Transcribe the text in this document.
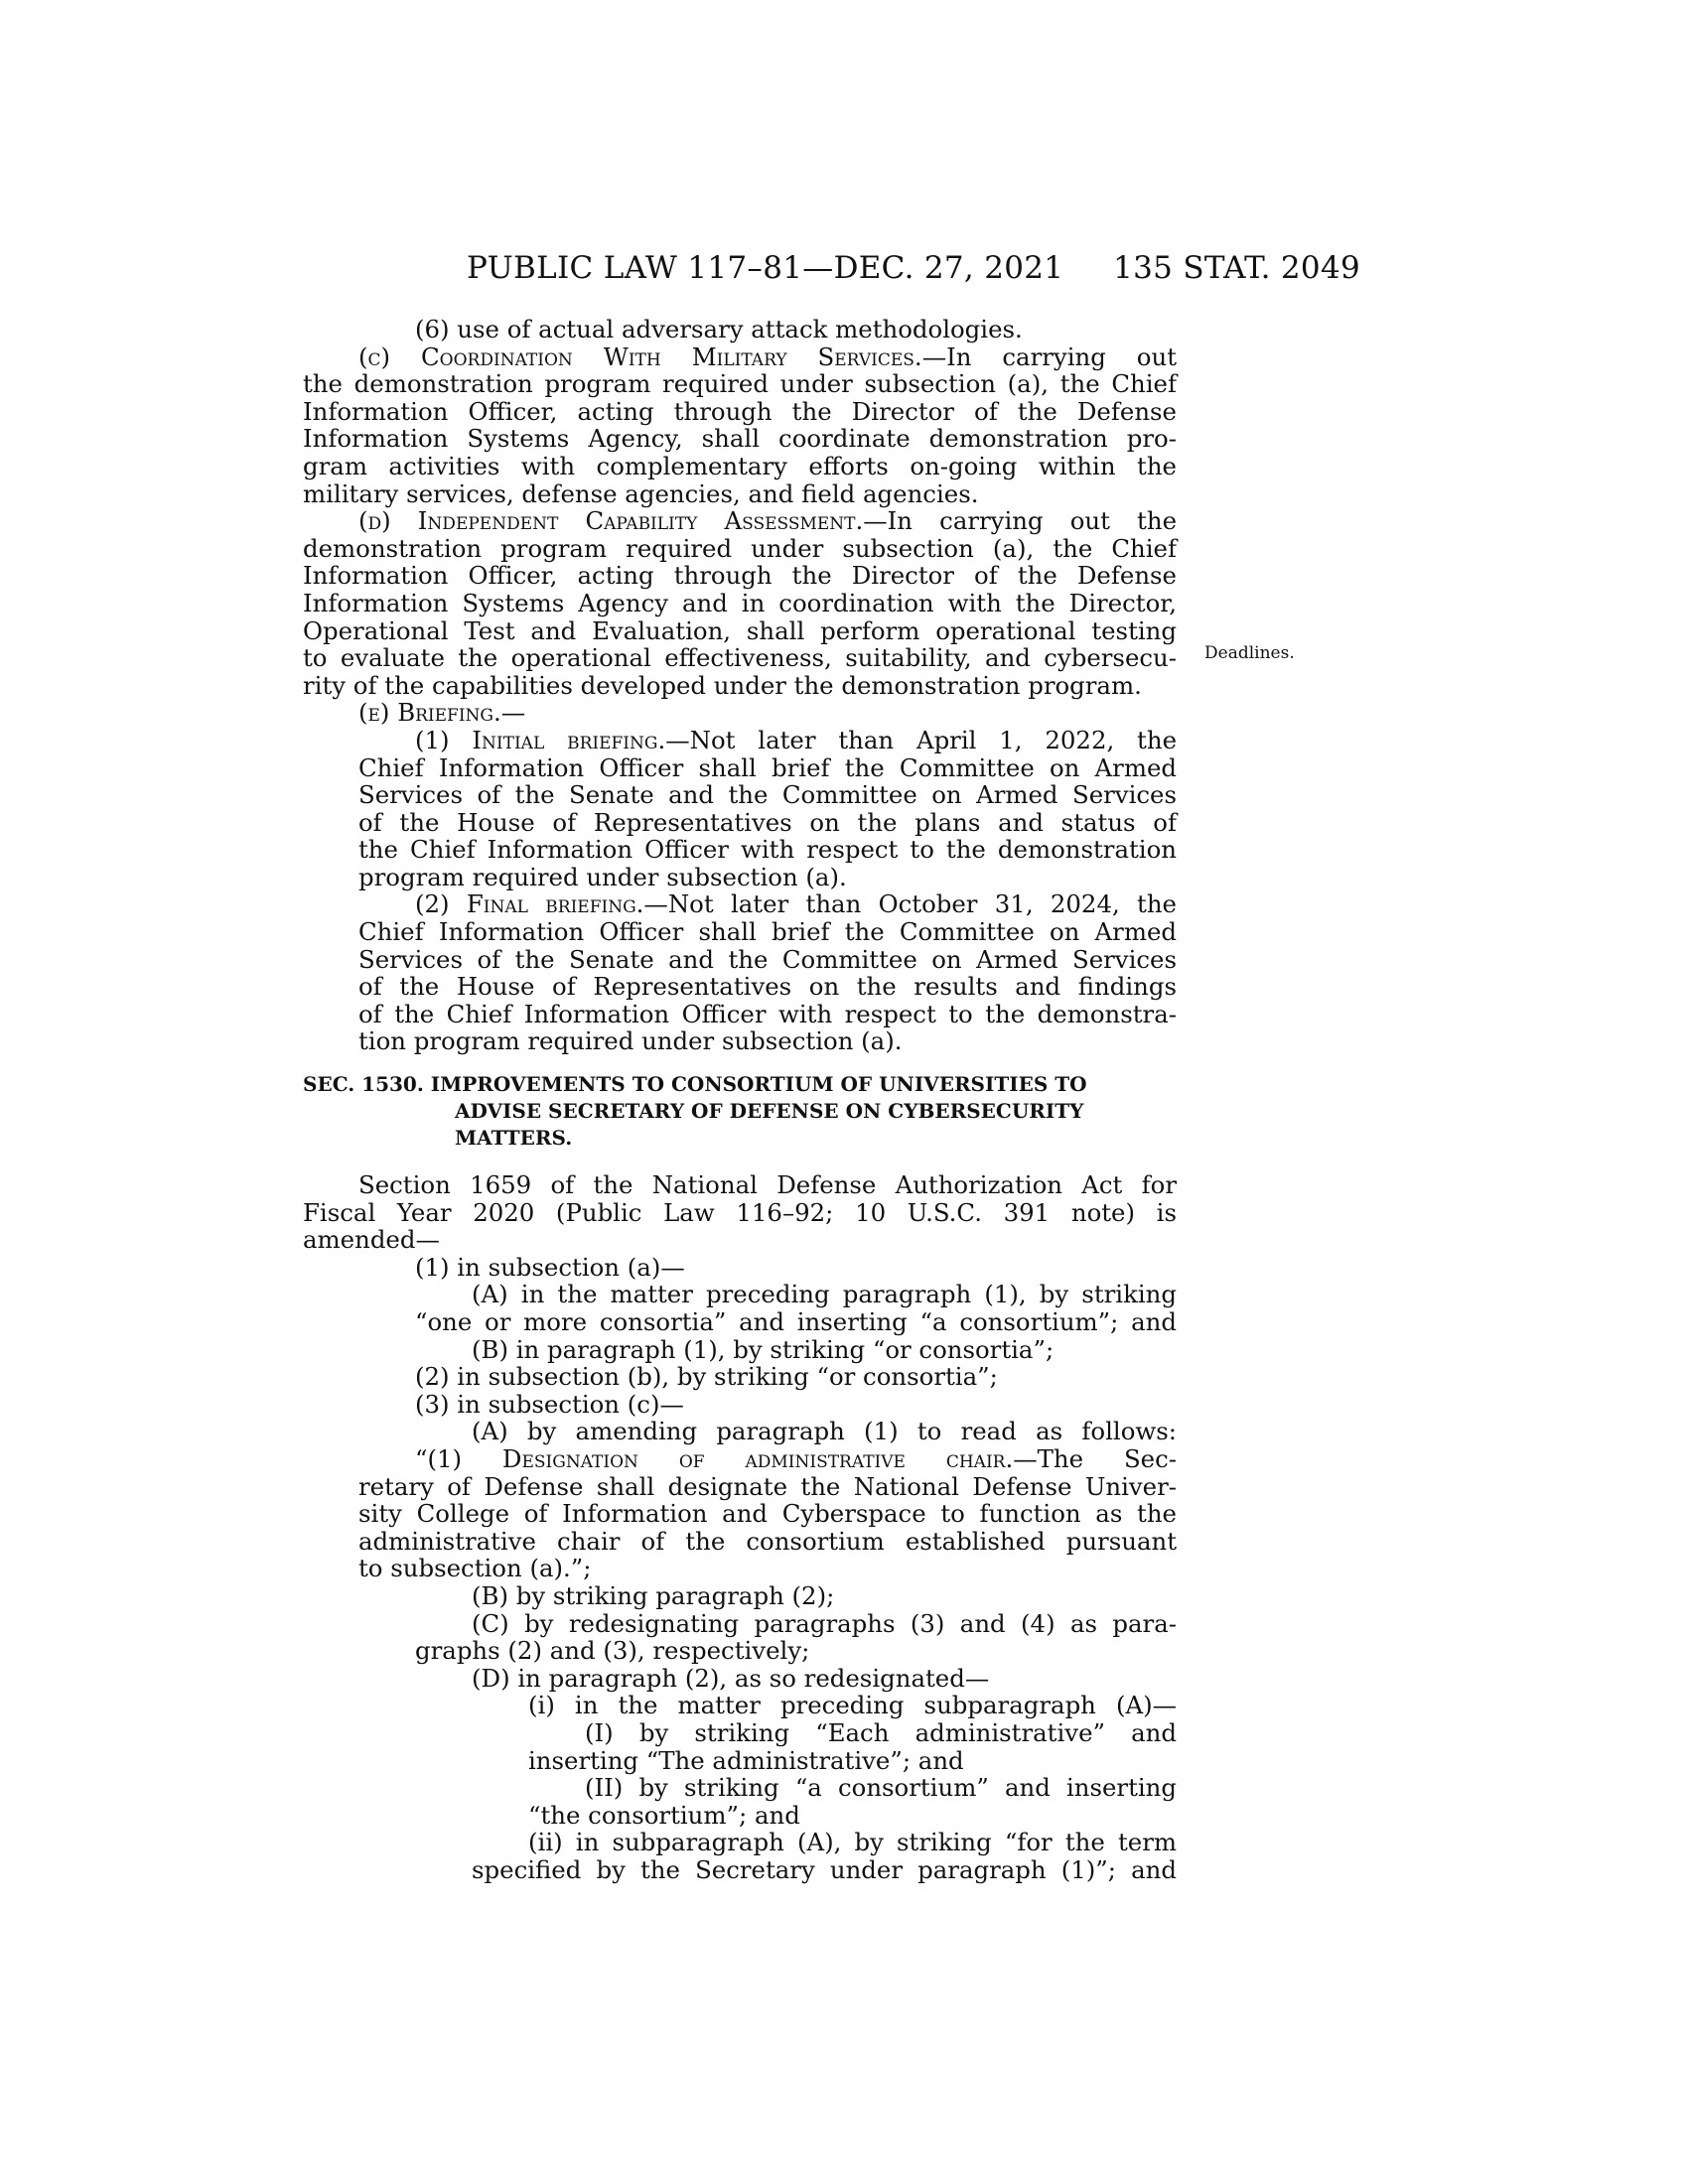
PUBLIC LAW 117–81—DEC. 27, 2021 135 STAT. 2049
Deadlines.
(6) use of actual adversary attack methodologies.
(c) Coordination With Military Services.—In carrying out
the demonstration program required under subsection (a), the Chief
Information Officer, acting through the Director of the Defense
Information Systems Agency, shall coordinate demonstration pro-
gram activities with complementary efforts on-going within the
military services, defense agencies, and field agencies.
(d) Independent Capability Assessment.—In carrying out the
demonstration program required under subsection (a), the Chief
Information Officer, acting through the Director of the Defense
Information Systems Agency and in coordination with the Director,
Operational Test and Evaluation, shall perform operational testing
to evaluate the operational effectiveness, suitability, and cybersecu-
rity of the capabilities developed under the demonstration program.
(e) Briefing.—
(1) Initial briefing.—Not later than April 1, 2022, the
Chief Information Officer shall brief the Committee on Armed
Services of the Senate and the Committee on Armed Services
of the House of Representatives on the plans and status of
the Chief Information Officer with respect to the demonstration
program required under subsection (a).
(2) Final briefing.—Not later than October 31, 2024, the
Chief Information Officer shall brief the Committee on Armed
Services of the Senate and the Committee on Armed Services
of the House of Representatives on the results and findings
of the Chief Information Officer with respect to the demonstra-
tion program required under subsection (a).
SEC. 1530. IMPROVEMENTS TO CONSORTIUM OF UNIVERSITIES TO
ADVISE SECRETARY OF DEFENSE ON CYBERSECURITY
MATTERS.
Section 1659 of the National Defense Authorization Act for
Fiscal Year 2020 (Public Law 116–92; 10 U.S.C. 391 note) is
amended—
(1) in subsection (a)—
(A) in the matter preceding paragraph (1), by striking
“one or more consortia” and inserting “a consortium”; and
(B) in paragraph (1), by striking “or consortia”;
(2) in subsection (b), by striking “or consortia”;
(3) in subsection (c)—
(A) by amending paragraph (1) to read as follows:
“(1) Designation of administrative chair.—The Sec-
retary of Defense shall designate the National Defense Univer-
sity College of Information and Cyberspace to function as the
administrative chair of the consortium established pursuant
to subsection (a).”;
(B) by striking paragraph (2);
(C) by redesignating paragraphs (3) and (4) as para-
graphs (2) and (3), respectively;
(D) in paragraph (2), as so redesignated—
(i) in the matter preceding subparagraph (A)—
(I) by striking “Each administrative” and
inserting “The administrative”; and
(II) by striking “a consortium” and inserting
“the consortium”; and
(ii) in subparagraph (A), by striking “for the term
specified by the Secretary under paragraph (1)”; and
